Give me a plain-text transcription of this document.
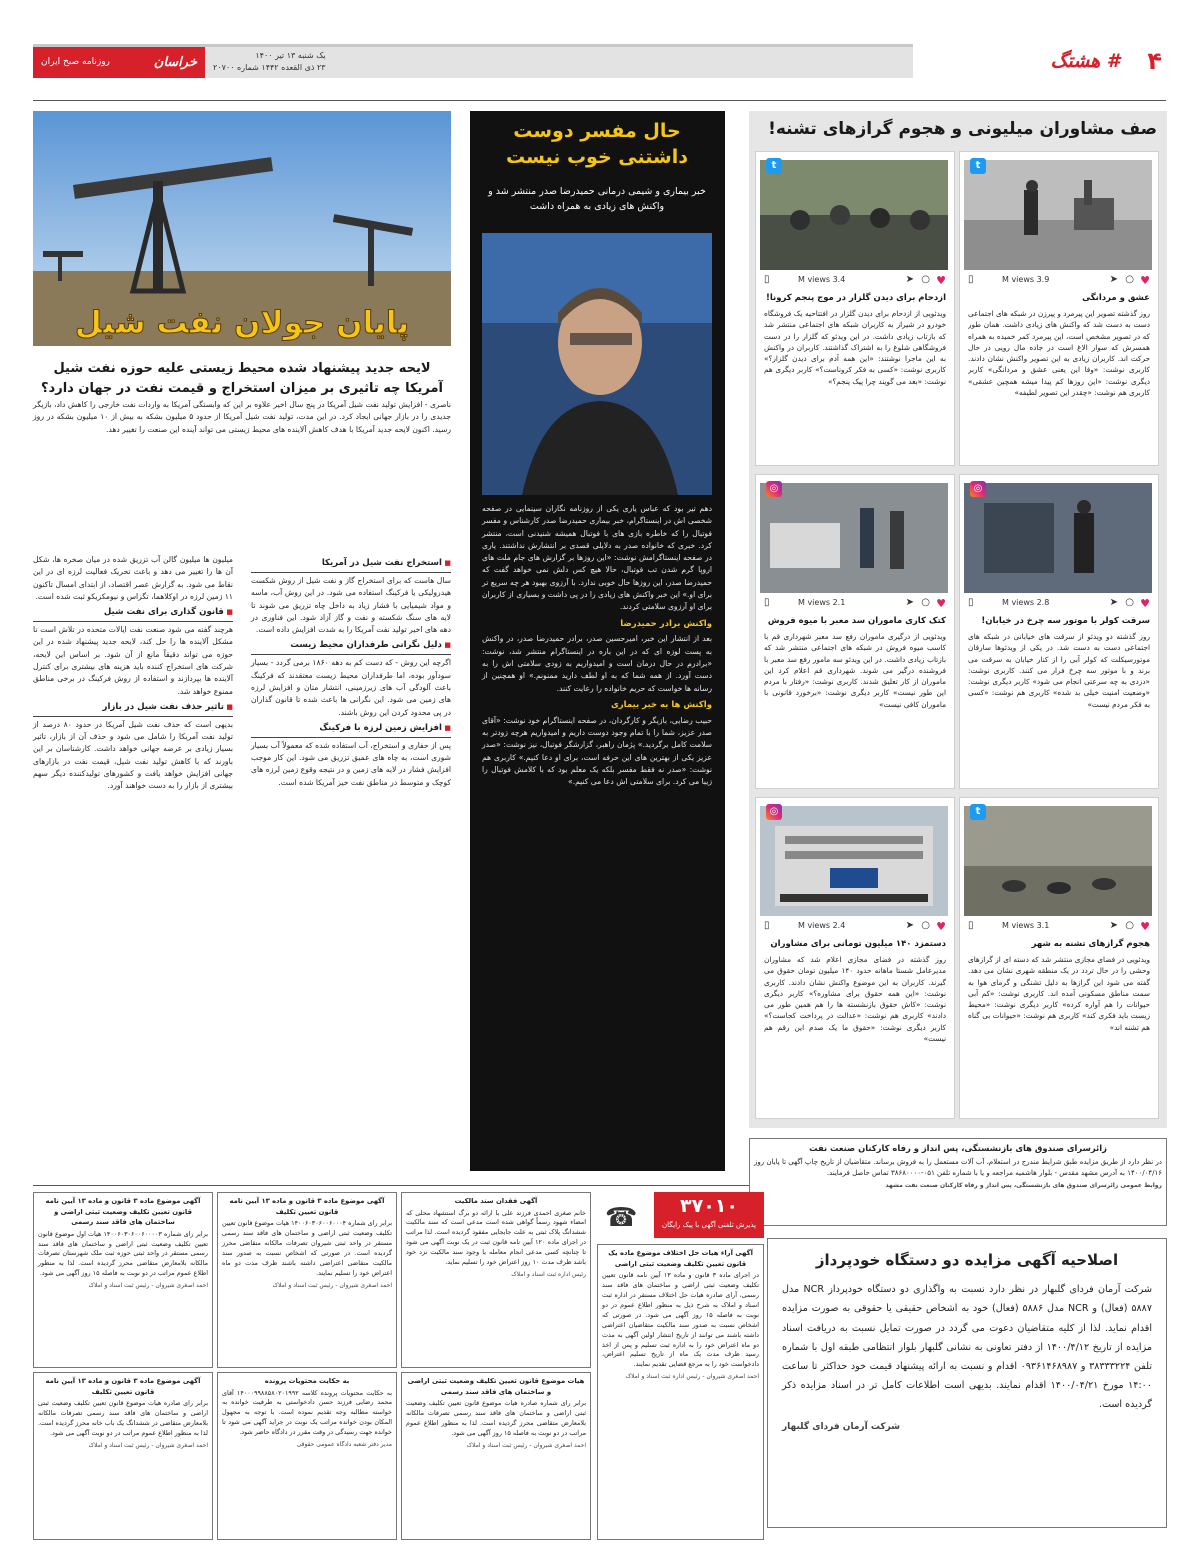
خراسان
روزنامه صبح ایران
یک شنبه ۱۳ تیر ۱۴۰۰
۲۳ ذی القعده ۱۴۴۲ شماره ۲۰۷۰۰	۴
# هشتگ
صف مشاوران میلیونی و هجوم گرازهای تشنه!
t
♥
○
➤
3.9 M views
▯
عشق و مردانگی
روز گذشته تصویر این پیرمرد و پیرزن در شبکه های اجتماعی دست به دست شد که واکنش های زیادی داشت. همان طور که در تصویر مشخص است، این پیرمرد کمر خمیده به همراه همسرش که سوار الاغ است در جاده مال رویی در حال حرکت اند. کاربران زیادی به این تصویر واکنش نشان دادند. کاربری نوشت: «وفا این یعنی عشق و مردانگی» کاربر دیگری نوشت: «این روزها کم پیدا میشه همچین عشقی» کاربری هم نوشت: «چقدر این تصویر لطیفه»
t
♥
○
➤
3.4 M views
▯
ازدحام برای دیدن گلزار در موج پنجم کرونا!
ویدئویی از ازدحام برای دیدن گلزار در افتتاحیه یک فروشگاه خودرو در شیراز به کاربران شبکه های اجتماعی منتشر شد که بازتاب زیادی داشت. در این ویدئو که گلزار را در دست فروشگاهی شلوغ را به اشتراک گذاشتند. کاربران در واکنش به این ماجرا نوشتند: «این همه آدم برای دیدن گلزار؟» کاربری نوشت: «کسی به فکر کروناست؟» کاربر دیگری هم نوشت: «بعد می گویند چرا پیک پنجم؟»
◎
♥
○
➤
2.8 M views
▯
سرقت کولر با موتور سه چرخ در خیابان!
روز گذشته دو ویدئو از سرقت های خیابانی در شبکه های اجتماعی دست به دست شد. در یکی از ویدئوها سارقان موتورسیکلت که کولر آبی را از کنار خیابان به سرقت می برند و با موتور سه چرخ فرار می کنند. کاربری نوشت: «دزدی به چه سرعتی انجام می شود» کاربر دیگری نوشت: «وضعیت امنیت خیلی بد شده» کاربری هم نوشت: «کسی به فکر مردم نیست»
◎
♥
○
➤
2.1 M views
▯
کتک کاری ماموران سد معبر با میوه فروش
ویدئویی از درگیری ماموران رفع سد معبر شهرداری قم با کاسب میوه فروش در شبکه های اجتماعی منتشر شد که بازتاب زیادی داشت. در این ویدئو سه مامور رفع سد معبر با فروشنده درگیر می شوند. شهرداری قم اعلام کرد این ماموران از کار تعلیق شدند. کاربری نوشت: «رفتار با مردم این طور نیست» کاربر دیگری نوشت: «برخورد قانونی با ماموران کافی نیست»
t
♥
○
➤
3.1 M views
▯
هجوم گرازهای تشنه به شهر
ویدئویی در فضای مجازی منتشر شد که دسته ای از گرازهای وحشی را در حال تردد در یک منطقه شهری نشان می دهد. گفته می شود این گرازها به دلیل تشنگی و گرمای هوا به سمت مناطق مسکونی آمده اند. کاربری نوشت: «کم آبی حیوانات را هم آواره کرده» کاربر دیگری نوشت: «محیط زیست باید فکری کند» کاربری هم نوشت: «حیوانات بی گناه هم تشنه اند»
◎
♥
○
➤
2.4 M views
▯
دستمزد ۱۴۰ میلیون تومانی برای مشاوران
روز گذشته در فضای مجازی اعلام شد که مشاوران مدیرعامل شستا ماهانه حدود ۱۴۰ میلیون تومان حقوق می گیرند. کاربران به این موضوع واکنش نشان دادند. کاربری نوشت: «این همه حقوق برای مشاوره؟» کاربر دیگری نوشت: «کاش حقوق بازنشسته ها را هم همین طور می دادند» کاربری هم نوشت: «عدالت در پرداخت کجاست؟» کاربر دیگری نوشت: «حقوق ما یک صدم این رقم هم نیست»
حال مفسر دوست داشتنی خوب نیست
خبر بیماری و شیمی درمانی حمیدرضا صدر منتشر شد و واکنش های زیادی به همراه داشت
دهم تیر بود که عباس یاری یکی از روزنامه نگاران سینمایی در صفحه شخصی اش در اینستاگرام، خبر بیماری حمیدرضا صدر کارشناس و مفسر فوتبال را که خاطره بازی های با فوتبال همیشه شنیدنی است، منتشر کرد. خبری که خانواده صدر به دلایلی قصدی بر انتشارش نداشتند. یاری در صفحه اینستاگرامش نوشت: «این روزها بر گزارش های جام ملت های اروپا گرم شدن تب فوتبال، حالا هیچ کس دلش نمی خواهد گفت که حمیدرضا صدر، این روزها حال خوبی ندارد. با آرزوی بهبود هر چه سریع تر برای او.» این خبر واکنش های زیادی را در پی داشت و بسیاری از کاربران برای او آرزوی سلامتی کردند.
واکنش برادر حمیدرضا
بعد از انتشار این خبر، امیرحسین صدر، برادر حمیدرضا صدر، در واکنش به پست لوزه ای که در این باره در اینستاگرام منتشر شد، نوشت: «برادرم در حال درمان است و امیدواریم به زودی سلامتی اش را به دست آورد. از همه شما که به او لطف دارید ممنونم.» او همچنین از رسانه ها خواست که حریم خانواده را رعایت کنند.
واکنش ها به خبر بیماری
حبیب رضایی، بازیگر و کارگردان، در صفحه اینستاگرام خود نوشت: «آقای صدر عزیز، شما را با تمام وجود دوست داریم و امیدواریم هرچه زودتر به سلامت کامل برگردید.» پژمان راهبر، گزارشگر فوتبال، نیز نوشت: «صدر عزیز یکی از بهترین های این حرفه است، برای او دعا کنیم.» کاربری هم نوشت: «صدر نه فقط مفسر بلکه یک معلم بود که با کلامش فوتبال را زیبا می کرد. برای سلامتی اش دعا می کنیم.»
پایان جولان نفت شیل
لایحه جدید پیشنهاد شده محیط زیستی علیه حوزه نفت شیل آمریکا چه تاثیری بر میزان استخراج و قیمت نفت در جهان دارد؟
ناصری - افزایش تولید نفت شیل آمریکا در پنج سال اخیر علاوه بر این که وابستگی آمریکا به واردات نفت خارجی را کاهش داد، بازیگر جدیدی را در بازار جهانی ایجاد کرد. در این مدت، تولید نفت شیل آمریکا از حدود ۵ میلیون بشکه به بیش از ۱۰ میلیون بشکه در روز رسید. اکنون لایحه جدید آمریکا با هدف کاهش آلاینده های محیط زیستی می تواند آینده این صنعت را تغییر دهد.
■ استخراج نفت شیل در آمریکا
سال هاست که برای استخراج گاز و نفت شیل از روش شکست هیدرولیکی یا فرکینگ استفاده می شود. در این روش آب، ماسه و مواد شیمیایی با فشار زیاد به داخل چاه تزریق می شوند تا لایه های سنگ شکسته و نفت و گاز آزاد شود. این فناوری در دهه های اخیر تولید نفت آمریکا را به شدت افزایش داده است.
■ دلیل نگرانی طرفداران محیط زیست
اگرچه این روش - که دست کم به دهه ۱۸۶۰ برمی گردد - بسیار سودآور بوده، اما طرفداران محیط زیست معتقدند که فرکینگ باعث آلودگی آب های زیرزمینی، انتشار متان و افزایش لرزه های زمین می شود. این نگرانی ها باعث شده تا قانون گذاران در پی محدود کردن این روش باشند.
■ افزایش زمین لرزه با فرکینگ
پس از حفاری و استخراج، آب استفاده شده که معمولاً آب بسیار شوری است، به چاه های عمیق تزریق می شود. این کار موجب افزایش فشار در لایه های زمین و در نتیجه وقوع زمین لرزه های کوچک و متوسط در مناطق نفت خیز آمریکا شده است.
میلیون ها میلیون گالن آب تزریق شده در میان صخره ها، شکل آن ها را تغییر می دهد و باعث تحریک فعالیت لرزه ای در این نقاط می شود. به گزارش عصر اقتصاد، از ابتدای امسال تاکنون ۱۱ زمین لرزه در اوکلاهما، تگزاس و نیومکزیکو ثبت شده است.
■ قانون گذاری برای نفت شیل
هرچند گفته می شود صنعت نفت ایالات متحده در تلاش است تا مشکل آلاینده ها را حل کند، لایحه جدید پیشنهاد شده در این حوزه می تواند دقیقاً مانع از آن شود. بر اساس این لایحه، شرکت های استخراج کننده باید هزینه های بیشتری برای کنترل آلاینده ها بپردازند و استفاده از روش فرکینگ در برخی مناطق ممنوع خواهد شد.
■ تاثیر حذف نفت شیل در بازار
بدیهی است که حذف نفت شیل آمریکا در حدود ۸۰ درصد از تولید نفت آمریکا را شامل می شود و حذف آن از بازار، تاثیر بسیار زیادی بر عرضه جهانی خواهد داشت. کارشناسان بر این باورند که با کاهش تولید نفت شیل، قیمت نفت در بازارهای جهانی افزایش خواهد یافت و کشورهای تولیدکننده دیگر سهم بیشتری از بازار را به دست خواهند آورد.
زائرسرای صندوق های بازنشستگی، پس انداز و رفاه کارکنان صنعت نفت
در نظر دارد از طریق مزایده طبق شرایط مندرج در استعلام، آب آلات مستعمل را به فروش برساند. متقاضیان از تاریخ چاپ آگهی تا پایان روز ۱۴۰۰/۰۴/۱۶ به آدرس مشهد مقدس - بلوار هاشمیه مراجعه و یا با شماره تلفن ۰۵۱-۳۸۶۸۰۰۰۰ تماس حاصل فرمایند.
روابط عمومی زائرسرای صندوق های بازنشستگی، پس انداز و رفاه کارکنان صنعت نفت مشهد
اصلاحیه آگهی مزایده دو دستگاه خودپرداز
شرکت آرمان فردای گلبهار در نظر دارد نسبت به واگذاری دو دستگاه خودپرداز NCR مدل ۵۸۸۷ (فعال) و NCR مدل ۵۸۸۶ (فعال) خود به اشخاص حقیقی یا حقوقی به صورت مزایده اقدام نماید. لذا از کلیه متقاضیان دعوت می گردد در صورت تمایل نسبت به دریافت اسناد مزایده از تاریخ ۱۴۰۰/۴/۱۲ از دفتر تعاونی به نشانی گلبهار بلوار انتظامی طبقه اول با شماره تلفن ۳۸۳۳۳۲۲۴ و ۰۹۳۶۱۴۶۸۹۸۷ اقدام و نسبت به ارائه پیشنهاد قیمت خود حداکثر تا ساعت ۱۴:۰۰ مورخ ۱۴۰۰/۰۴/۲۱ اقدام نمایند. بدیهی است اطلاعات کامل تر در اسناد مزایده ذکر گردیده است.
شرکت آرمان فردای گلبهار
۳۷۰۱۰
پذیرش تلفنی آگهی با پیک رایگان
☎
آگهی موضوع ماده ۳ قانون و ماده ۱۳ آیین نامه قانون تعیین تکلیف وضعیت ثبتی اراضی و ساختمان های فاقد سند رسمی
برابر رای شماره ۱۴۰۰۶۰۳۰۶۰۰۶۰۰۰۰۳ هیات اول موضوع قانون تعیین تکلیف وضعیت ثبتی اراضی و ساختمان های فاقد سند رسمی مستقر در واحد ثبتی حوزه ثبت ملک شهرستان تصرفات مالکانه بلامعارض متقاضی محرز گردیده است. لذا به منظور اطلاع عموم مراتب در دو نوبت به فاصله ۱۵ روز آگهی می شود.
احمد اصغری شیروان - رئیس ثبت اسناد و املاک
آگهی موضوع ماده ۳ قانون و ماده ۱۳ آیین نامه قانون تعیین تکلیف
برابر رای شماره ۱۴۰۰۶۰۳۰۶۰۰۶۰۰۰۴ هیات موضوع قانون تعیین تکلیف وضعیت ثبتی اراضی و ساختمان های فاقد سند رسمی مستقر در واحد ثبتی شیروان تصرفات مالکانه متقاضی محرز گردیده است. در صورتی که اشخاص نسبت به صدور سند مالکیت متقاضی اعتراضی داشته باشند ظرف مدت دو ماه اعتراض خود را تسلیم نمایند.
احمد اصغری شیروان - رئیس ثبت اسناد و املاک
آگهی فقدان سند مالکیت
خانم صغری احمدی فرزند علی با ارائه دو برگ استشهاد محلی که امضاء شهود رسماً گواهی شده است مدعی است که سند مالکیت ششدانگ پلاک ثبتی به علت جابجایی مفقود گردیده است. لذا مراتب در اجرای ماده ۱۲۰ آیین نامه قانون ثبت در یک نوبت آگهی می شود تا چنانچه کسی مدعی انجام معامله یا وجود سند مالکیت نزد خود باشد ظرف مدت ۱۰ روز اعتراض خود را تسلیم نماید.
رئیس اداره ثبت اسناد و املاک
آگهی موضوع ماده ۳ قانون و ماده ۱۳ آیین نامه قانون تعیین تکلیف
برابر رای صادره هیات موضوع قانون تعیین تکلیف وضعیت ثبتی اراضی و ساختمان های فاقد سند رسمی تصرفات مالکانه بلامعارض متقاضی در ششدانگ یک باب خانه محرز گردیده است. لذا به منظور اطلاع عموم مراتب در دو نوبت آگهی می شود.
احمد اصغری شیروان - رئیس ثبت اسناد و املاک
به حکایت محتویات پرونده
به حکایت محتویات پرونده کلاسه ۱۴۰۰۰۹۹۸۸۵۸۰۲۰۱۹۹۲ آقای محمد رضایی فرزند حسن دادخواستی به طرفیت خوانده به خواسته مطالبه وجه تقدیم نموده است. با توجه به مجهول المکان بودن خوانده مراتب یک نوبت در جراید آگهی می شود تا خوانده جهت رسیدگی در وقت مقرر در دادگاه حاضر شود.
مدیر دفتر شعبه دادگاه عمومی حقوقی
هیات موضوع قانون تعیین تکلیف وضعیت ثبتی اراضی و ساختمان های فاقد سند رسمی
برابر رای شماره صادره هیات موضوع قانون تعیین تکلیف وضعیت ثبتی اراضی و ساختمان های فاقد سند رسمی تصرفات مالکانه بلامعارض متقاضی محرز گردیده است. لذا به منظور اطلاع عموم مراتب در دو نوبت به فاصله ۱۵ روز آگهی می شود.
احمد اصغری شیروان - رئیس ثبت اسناد و املاک
آگهی آراء هیات حل اختلاف موضوع ماده یک قانون تعیین تکلیف وضعیت ثبتی اراضی
در اجرای ماده ۳ قانون و ماده ۱۳ آیین نامه قانون تعیین تکلیف وضعیت ثبتی اراضی و ساختمان های فاقد سند رسمی، آرای صادره هیات حل اختلاف مستقر در اداره ثبت اسناد و املاک به شرح ذیل به منظور اطلاع عموم در دو نوبت به فاصله ۱۵ روز آگهی می شود. در صورتی که اشخاص نسبت به صدور سند مالکیت متقاضیان اعتراضی داشته باشند می توانند از تاریخ انتشار اولین آگهی به مدت دو ماه اعتراض خود را به اداره ثبت تسلیم و پس از اخذ رسید ظرف مدت یک ماه از تاریخ تسلیم اعتراض، دادخواست خود را به مرجع قضایی تقدیم نمایند.
احمد اصغری شیروان - رئیس اداره ثبت اسناد و املاک
